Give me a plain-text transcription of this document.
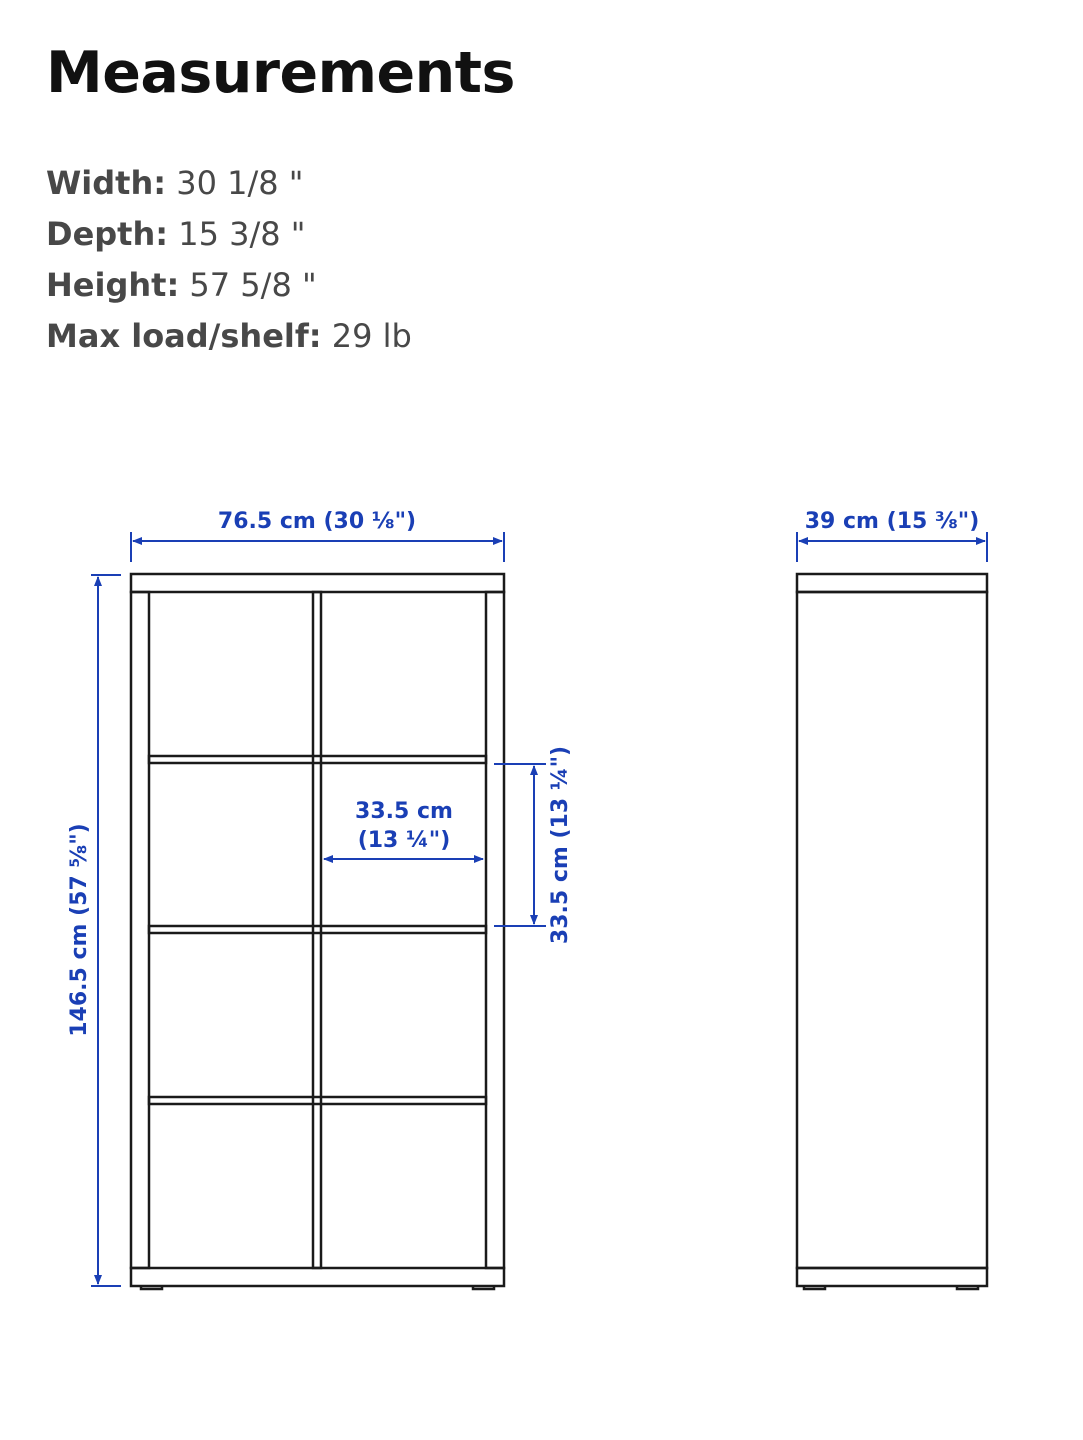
Measurements
Width: 30 1/8 "
Depth: 15 3/8 "
Height: 57 5/8 "
Max load/shelf: 29 lb
76.5 cm (30 ⅛")
146.5 cm (57 ⅝")
33.5 cm
(13 ¼")	33.5 cm (13 ¼")
39 cm (15 ⅜")
